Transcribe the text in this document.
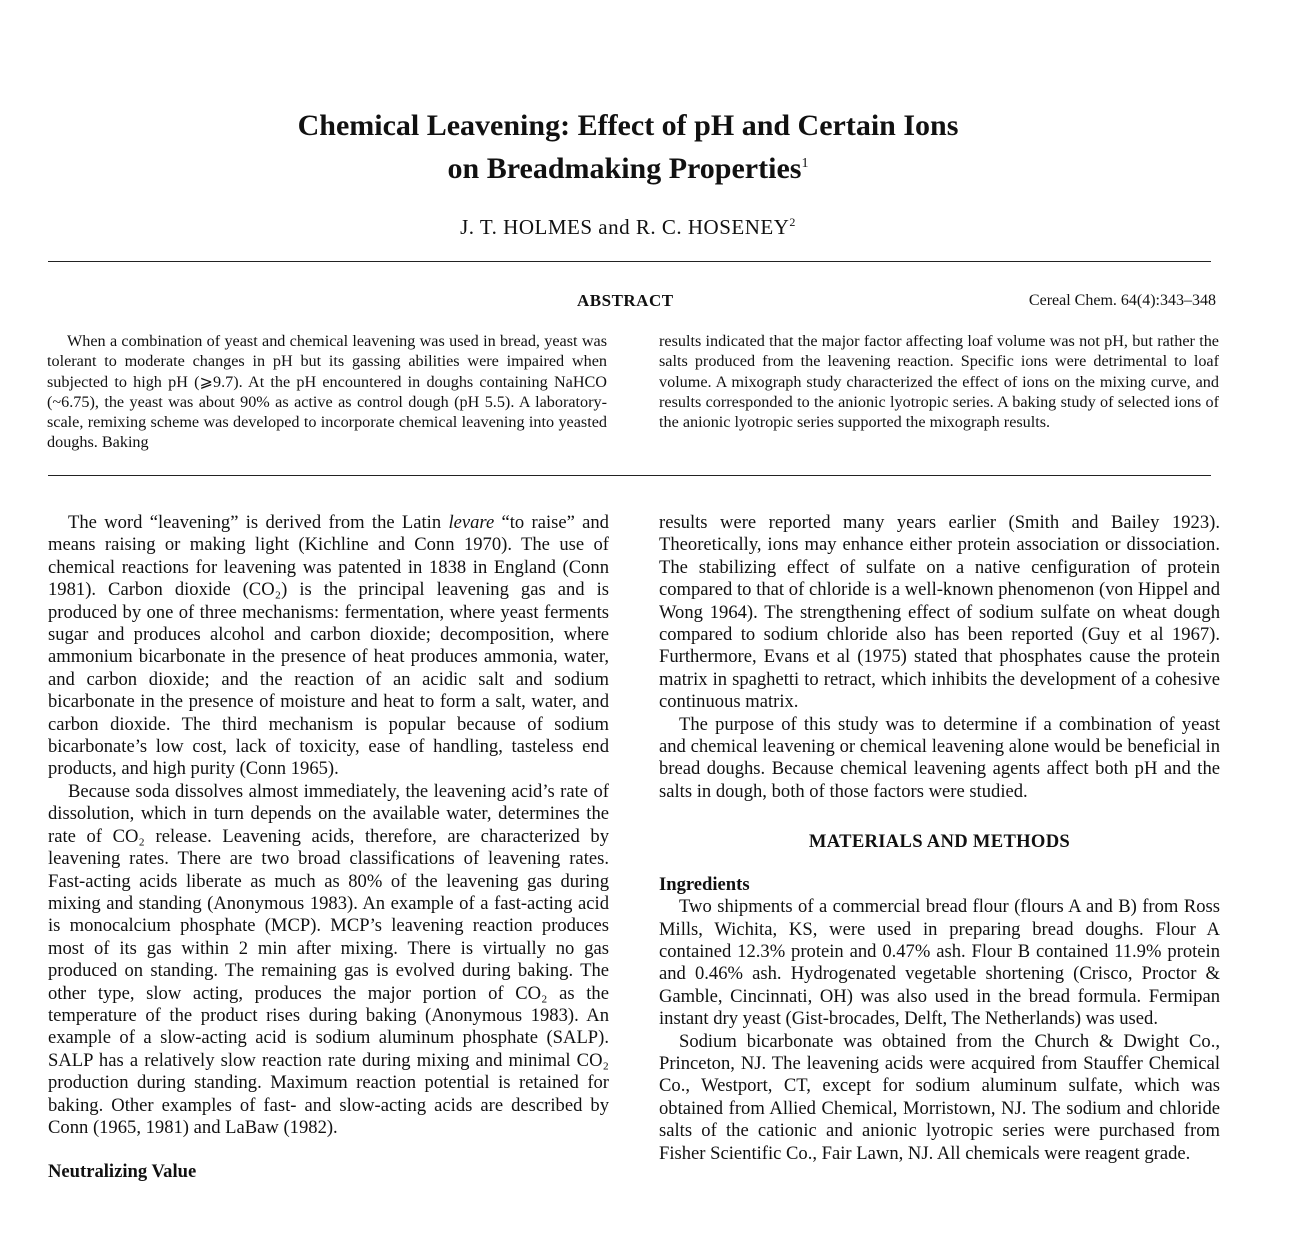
Chemical Leavening: Effect of pH and Certain Ions
on Breadmaking Properties$^1$
J. T. HOLMES and R. C. HOSENEY$^2$
ABSTRACT	Cereal Chem. 64(4):343–348
When a combination of yeast and chemical leavening was used in bread, yeast was tolerant to moderate changes in pH but its gassing abilities were impaired when subjected to high pH (⩾9.7). At the pH encountered in doughs containing NaHCO (~6.75), the yeast was about 90% as active as control dough (pH 5.5). A laboratory-scale, remixing scheme was developed to incorporate chemical leavening into yeasted doughs. Baking
results indicated that the major factor affecting loaf volume was not pH, but rather the salts produced from the leavening reaction. Specific ions were detrimental to loaf volume. A mixograph study characterized the effect of ions on the mixing curve, and results corresponded to the anionic lyotropic series. A baking study of selected ions of the anionic lyotropic series supported the mixograph results.

The word “leavening” is derived from the Latin levare “to raise” and means raising or making light (Kichline and Conn 1970). The use of chemical reactions for leavening was patented in 1838 in England (Conn 1981). Carbon dioxide (CO₂) is the principal leavening gas and is produced by one of three mechanisms: fermentation, where yeast ferments sugar and produces alcohol and carbon dioxide; decomposition, where ammonium bicarbonate in the presence of heat produces ammonia, water, and carbon dioxide; and the reaction of an acidic salt and sodium bicarbonate in the presence of moisture and heat to form a salt, water, and carbon dioxide. The third mechanism is popular because of sodium bicarbonate’s low cost, lack of toxicity, ease of handling, tasteless end products, and high purity (Conn 1965).

Because soda dissolves almost immediately, the leavening acid’s rate of dissolution, which in turn depends on the available water, determines the rate of CO₂ release. Leavening acids, therefore, are characterized by leavening rates. There are two broad classifications of leavening rates. Fast-acting acids liberate as much as 80% of the leavening gas during mixing and standing (Anonymous 1983). An example of a fast-acting acid is monocalcium phosphate (MCP). MCP’s leavening reaction produces most of its gas within 2 min after mixing. There is virtually no gas produced on standing. The remaining gas is evolved during baking. The other type, slow acting, produces the major portion of CO₂ as the temperature of the product rises during baking (Anonymous 1983). An example of a slow-acting acid is sodium aluminum phosphate (SALP). SALP has a relatively slow reaction rate during mixing and minimal CO₂ production during standing. Maximum reaction potential is retained for baking. Other examples of fast- and slow-acting acids are described by Conn (1965, 1981) and LaBaw (1982).

Neutralizing Value

results were reported many years earlier (Smith and Bailey 1923). Theoretically, ions may enhance either protein association or dissociation. The stabilizing effect of sulfate on a native cenfiguration of protein compared to that of chloride is a well-known phenomenon (von Hippel and Wong 1964). The strengthening effect of sodium sulfate on wheat dough compared to sodium chloride also has been reported (Guy et al 1967). Furthermore, Evans et al (1975) stated that phosphates cause the protein matrix in spaghetti to retract, which inhibits the development of a cohesive continuous matrix.

The purpose of this study was to determine if a combination of yeast and chemical leavening or chemical leavening alone would be beneficial in bread doughs. Because chemical leavening agents affect both pH and the salts in dough, both of those factors were studied.

MATERIALS AND METHODS

Ingredients

Two shipments of a commercial bread flour (flours A and B) from Ross Mills, Wichita, KS, were used in preparing bread doughs. Flour A contained 12.3% protein and 0.47% ash. Flour B contained 11.9% protein and 0.46% ash. Hydrogenated vegetable shortening (Crisco, Proctor & Gamble, Cincinnati, OH) was also used in the bread formula. Fermipan instant dry yeast (Gist-brocades, Delft, The Netherlands) was used.

Sodium bicarbonate was obtained from the Church & Dwight Co., Princeton, NJ. The leavening acids were acquired from Stauffer Chemical Co., Westport, CT, except for sodium aluminum sulfate, which was obtained from Allied Chemical, Morristown, NJ. The sodium and chloride salts of the cationic and anionic lyotropic series were purchased from Fisher Scientific Co., Fair Lawn, NJ. All chemicals were reagent grade.
